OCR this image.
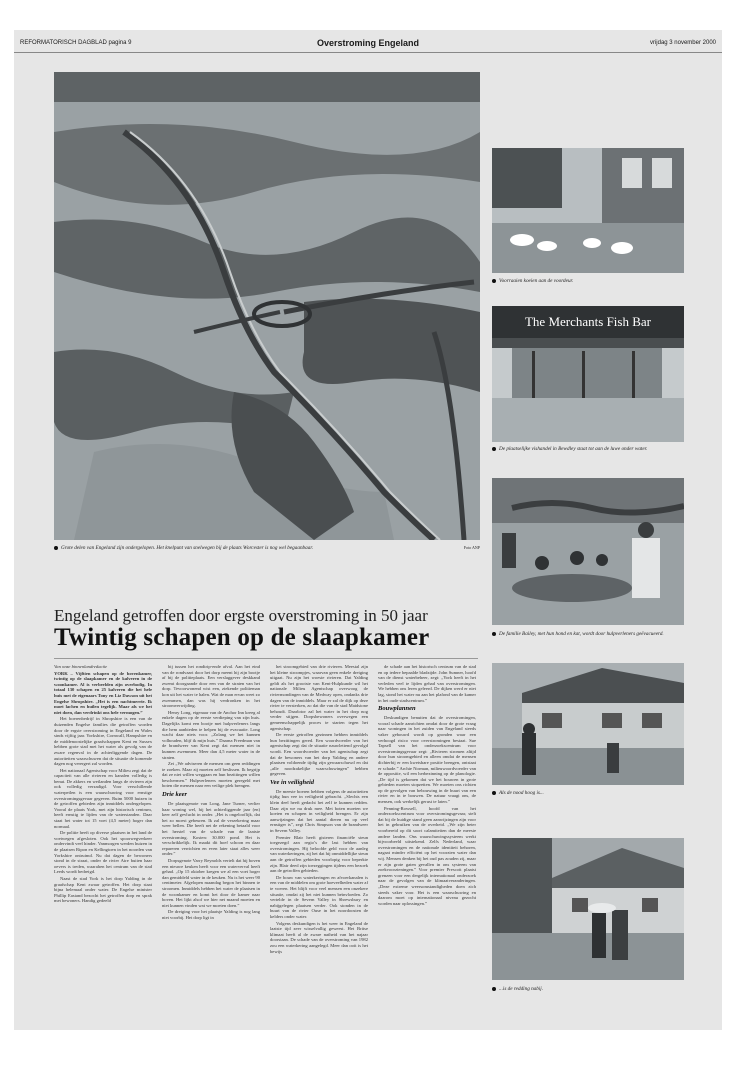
REFORMATORISCH DAGBLAD pagina 9	Overstroming Engeland	vrijdag 3 november 2000
Grote delen van Engeland zijn ondergelopen. Het knelpunt van snelwegen bij de plaats Worcester is nog wel begaanbaar.	Foto ANP
Engeland getroffen door ergste overstroming in 50 jaar
Twintig schapen op de slaapkamer

Van onze binnenlandredactie

YORK – Vijftien schapen op de bovenkamer, twintig op de slaapkamer en de kalveren in de woonkamer. Al is verbeelden zijn overbodig. In totaal 130 schapen en 25 kalveren die het hele huis met de eigenaars Tony en Liz Dawson uit het Engelse Shropshire. „Het is een nachtmerrie. Ik moet lachen en huilen tegelijk. Maar als we het niet doen, dan verdrinkt ons hele vermogen.”

Het boerenbedrijf in Shropshire is een van de duizenden Engelse families die getroffen worden door de ergste overstroming in Engeland en Wales sinds vijftig jaar. Yorkshire, Cornwall, Hampshire en de middenoostelijke graafschappen Kent en Sussex hebben grote stad met het water als gevolg van de zware regenval in de achterliggende dagen. De autoriteiten waarschuwen dat de situatie de komende dagen nog verergert zal worden.

Het nationaal Agentschap voor Milieu zegt dat de capaciteit van alle rivieren en kanalen volledig is benut. De akkers en weilanden langs de rivieren zijn ook volledig verzadigd. Voor verschillende waterpeilen is een waarschuwing voor ernstige overstromingsgevaar gegeven. Ruim 5000 huizen in de getroffen gebieden zijn inmiddels ondergelopen. Vooral de plaats York, met zijn historisch centrum, heeft ernstig te lijden van de waterstanden. Daar staat het water tot 15 voet (4,5 meter) hoger dan normaal.

De politie heeft op diverse plaatsen in het land de voetwegen afgesloten. Ook het spoorwegverkeer ondervindt veel hinder. Vanmorgen werden huizen in de plaatsen Ripon en Kellingtoen in het noorden van Yorkshire ontruimd. Nu dat dagen de bewoners stond in de straat, onder de rivier Aire buiten haar oevers is treden, waarahen het centrum van de stad Leeds wordt bedreigd.

Naast de stad York is het dorp Yalding in de graafschap Kent zwaar getroffen. Het dorp staat bijna helemaal onder water. De Engelse minister Phillip Eastand bezocht het getroffen dorp en sprak met bewoners. Handig gedeeld

bij tussen het rondtrip-ende afval. Aan het eind van de rondvaart door het dorp meent hij zijn bootje af bij de politieplaats. Een verslaggever deskkand zwemt doorgaande door een van de straten van het dorp. Tevoorwonend wist een, ziekende politieman kon uit het water te halen. Wat de man ervan weet zo zwemmen, dan was hij verdronken in het stroomverwijding.

Henry Long, eigenaar van de Anchor Inn kreeg al enkele dagen op de eerste verdieping van zijn huis. Dagelijks komt een bootje met hulpverleners langs die hem aanbieden te helpen bij de evacuatie. Long wacht daar niets voor. „Zolang we het kunnen volhouden, blijf ik mijn huis.” Daarna Freedman van de brandweer van Kent zegt dat mensen niet in kunnen zwemmen. Meer dan 4,5 meter water in de straten.

Zei „We adviseren de mensen om geen reddingen te zoeken. Maar zij moeten zelf beslissen. Ik begrijp dat ze niet willen weggaan en hun bezittingen willen beschermen.” Hulpverleners moeten geregeld met boten die mensen naar een veilige plek brengen.

Drie keer

De plaatsgenote van Long, Jane Turner, verlier haar woning wel, hij het achterliggende jaar (en) keer zelf gevlucht in onder. „Het is ongelooflijk, dat het zo moest gebeuren. Ik zal de verzekering maar weer bellen. Die heeft net de rekening betaald voor het herstel van de schade van de laatste overstroming. Kosten: 30.000 pond. Het is verschrikkelijk. Ik maakt dit hoef schoon en daar repareren verrichten en even later staat alles weer onder.”

Dorpsgenote Varry Reynolds vertelt dat hij boven een nieuwe keuken heeft voor een waterverval heeft gehad. „Op 15 oktober kregen we al een voet hoger dan gemiddeld water in de keuken. Nu is het weer 90 centimeter. Afgelopen maandag begon het binnen te stroomen. Inmiddels hebben het water de plaatsen in de woonkamer en komt het door de kamer naar boven. Het lijkt alsof we hier net maand moeten en niet kunnen vinden wat we moeten doen.”

De dreiging voor het plaatsje Yalding is nog lang niet voorbij. Het dorp ligt in

het stroomgebied van drie rivieren. Meestal zijn het kleine stroompjes, waarvan geen enkele dreiging uitgaat. Nu zijn het woeste rivieren. Dat Yalding geldt als het grootste van Kent-Hulpkunde wil het nationale Milieu Agentschap overwoog de riviermondingen van de Medway open, ondanks drie dagen van de inmiddels. Maar er zal de dijk op deze rivier te versterken, zo dat die van de stad Maidstone behoudt. Daarlotor zal het water in het dorp nog verder stijgen. Dorpsbewoners overwegen een gemeenschappelijk proces te starten tegen het agentschap.

De eerste getroffen gezinnen hebben inmiddels hun bezittingen gered. Een woordvoerder van het agentschap zegt dat de situatie nauwlettend gevolgd wordt. Een woordvoerder van het agentschap zegt dat de bewoners van het dorp Yalding en andere plaatsen voldoende tijdig zijn gewaarschuwd en dat „alle noodzakelijke waarschuwingen” hebben gegeven.

Vee in veiligheid

De meeste boeren hebben volgens de autoriteiten tijdig hun vee in veiligheid gebracht. „Slechts een klein deel heeft gedacht het zelf te kunnen redden. Daar zijn we nu druk mee. Met boten moeten we koeien en schapen in veiligheid brengen. Er zijn aanwijzingen dat het aantal dieren nu op veel ernstiger is”, zegt Chris Simpson van de brandweer in Severn Valley.

Premier Blair heeft gisteren financiële steun toegezegd aan regio’s die last hebben van overstromingen. Hij beloofde geld voor de aanleg van waterkeringen, zij het dat hij onmiddellijke steun aan de getroffen gebieden voorlopig voor beperkte zijn. Blair deed zijn toezeggingen tijdens een bezoek aan de getroffen gebieden.

De bouw van waterkeringen en afvoerkanalen is een van de middelen om grote hoeveelheden water af te voeren. Het blijft voor veel mensen een onzekere situatie, omdat zij het niet kunnen beïnvloeden. Zo vertelde in de Severn Valley in Shrewsbury en nabijgelegen plaatsen verder. Ook stonden in de buurt van de rivier Ouse in het noordoosten de kelders onder water.

Volgens deskundigen is het weer in Engeland de laatste tijd zeer wisselvallig geweest. Het Britse klimaat heeft al de zware natheid van het najaar doorstaan. De schade van de overstroming van 1982 zou een waterkering aangelegd. Meer dan ooit is het bewijs

de schade aan het historisch centrum van de stad en op iedere bepaalde bladzijde. John Sumner, hoofd van de dienst waterbeheer, zegt: „York heeft in het verleden veel te lijden gehad van overstromingen. We hebben ons leren geleerd. De dijken werd er niet lag, stond het water nu aan het plafond van de kamer in het oude stadscentrum.”

Bouwplannen

Deskundigen benutten dat de overstromingen, vooral schade aanrichten omdat door de grote vraag naar woningen in het zuiden van Engeland steeds vaker gebouwd wordt op gronden waar een verhoogd risico voor overstromingen bestaat. Sue Tapsell van het onderzoekscentrum voor overstromingsgevaar zegt: „Rivieren stromen altijd door hun stroomgebied en alleen omdat de mensen dichterbij er een kwetsbare positie brengen, ontstaat er schade.” Archie Norman, milieuwoordvoerder van de oppositie, wil een herbezinning op de planologie. „De tijd is gekomen dat we het bouwen in grote gebieden moeten stopzetten. We moeten ons richten op de gevolgen van bebouwing in de buurt van een rivier en in te bouwen. De natuur vraagt ons, de mensen, ook werkelijk gerust te laten.”

Penning-Rowsell, hoofd van het onderzoekscentrum voor overstromingsgevaar, stelt dat bij de huidige stand geen aanwijzingen zijn voor het in gebruiken van de overheid. „We zijn beter voorbereid op dit soort calamiteiten dan de meeste andere landen. Ons waarschuwingssysteem werkt bijvoorbeeld uitstekend. Zelfs Nederland, waar overstromingen en de nationale identiteit behoren, nagaat minder efficiënt op het voorzien water dan wij. Mensen denken bij het oud pas zouden zij, maar er zijn grote gaten gevallen in ons systeem van zoekvoorzieningen.” Voor premier Prescott plaatst grenzen voor een dergelijk internationaal onderzoek naar de gevolgen van de klimaatveranderingen. „Deze extreme weersomstandigheden doen zich steeds vaker voor. Het is een waarschuwing en daarom moet op internationaal niveau gezocht worden naar oplossingen.”

Voorraaien koeien aan de voordeur.
The Merchants Fish Bar
De plaatselijke vishandel in Bewdley staat tot aan de luwe onder water.
De familie Bailey, met hun hond en kat, wordt door hulpverleners geëvacueerd.
Als de nood hoog is...
...is de redding nabij.
